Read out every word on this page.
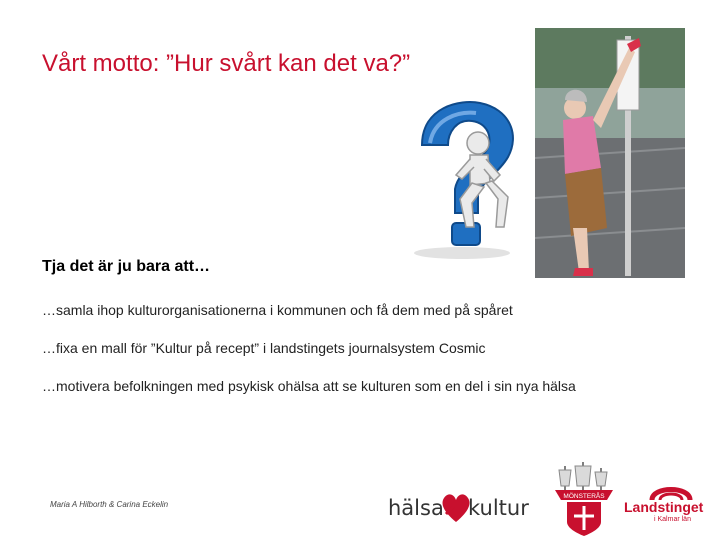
Vårt motto: ”Hur svårt kan det va?”
Tja det är ju bara att…
…samla ihop kulturorganisationerna i kommunen och få dem med på spåret
…fixa en mall för ”Kultur på recept” i landstingets journalsystem Cosmic
…motivera befolkningen med psykisk ohälsa att se kulturen som en del i sin nya hälsa
Maria A Hilborth & Carina Eckelin	hälsa kultur	MÖNSTERÅS
Landstinget
i Kalmar län
